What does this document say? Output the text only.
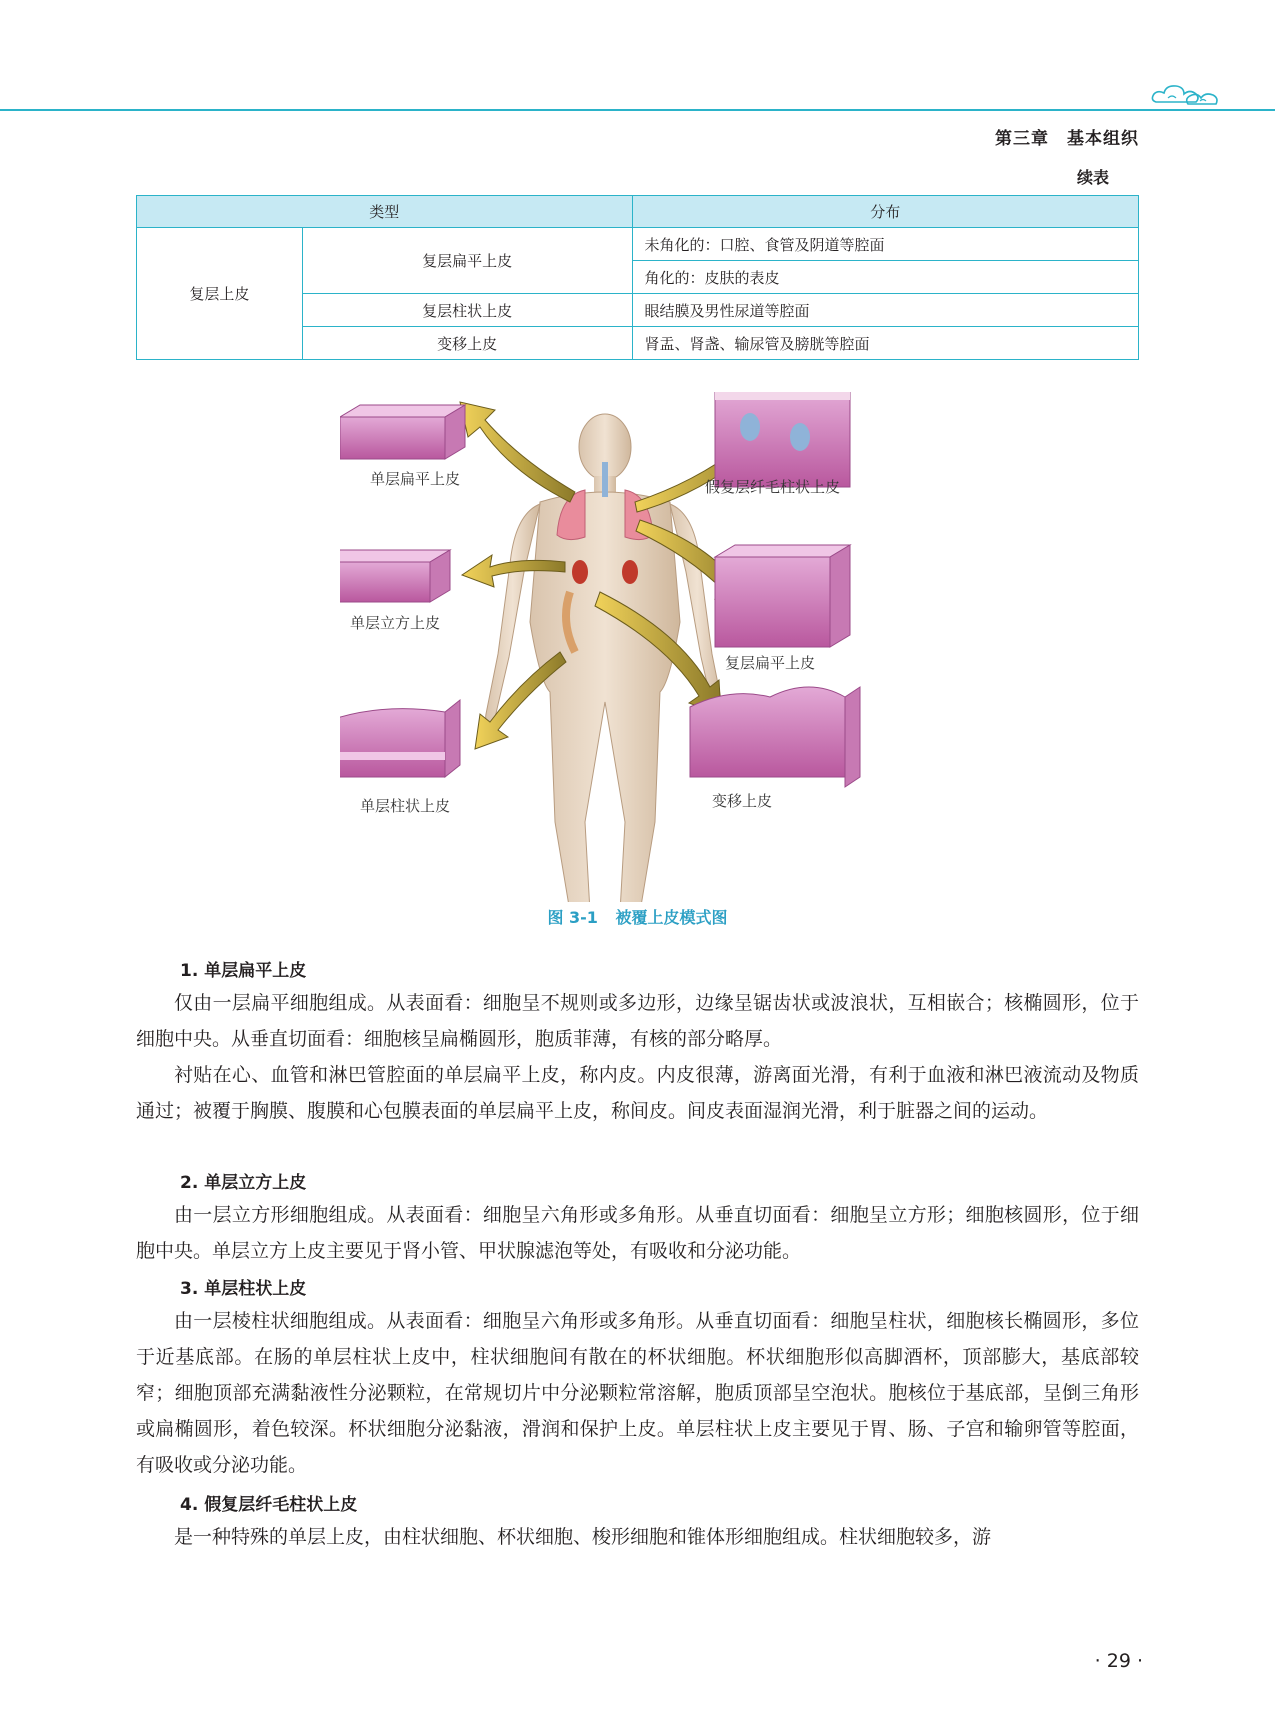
第三章　基本组织
续表
类型		分布
复层上皮	复层扁平上皮	未角化的：口腔、食管及阴道等腔面
		角化的：皮肤的表皮
	复层柱状上皮	眼结膜及男性尿道等腔面
	变移上皮	肾盂、肾盏、输尿管及膀胱等腔面
单层扁平上皮	假复层纤毛柱状上皮
单层立方上皮
复层扁平上皮
单层柱状上皮	变移上皮
图 3-1 被覆上皮模式图
1. 单层扁平上皮

仅由一层扁平细胞组成。从表面看：细胞呈不规则或多边形，边缘呈锯齿状或波浪状，互相嵌合；核椭圆形，位于细胞中央。从垂直切面看：细胞核呈扁椭圆形，胞质菲薄，有核的部分略厚。

衬贴在心、血管和淋巴管腔面的单层扁平上皮，称内皮。内皮很薄，游离面光滑，有利于血液和淋巴液流动及物质通过；被覆于胸膜、腹膜和心包膜表面的单层扁平上皮，称间皮。间皮表面湿润光滑，利于脏器之间的运动。

2. 单层立方上皮

由一层立方形细胞组成。从表面看：细胞呈六角形或多角形。从垂直切面看：细胞呈立方形；细胞核圆形，位于细胞中央。单层立方上皮主要见于肾小管、甲状腺滤泡等处，有吸收和分泌功能。

3. 单层柱状上皮

由一层棱柱状细胞组成。从表面看：细胞呈六角形或多角形。从垂直切面看：细胞呈柱状，细胞核长椭圆形，多位于近基底部。在肠的单层柱状上皮中，柱状细胞间有散在的杯状细胞。杯状细胞形似高脚酒杯，顶部膨大，基底部较窄；细胞顶部充满黏液性分泌颗粒，在常规切片中分泌颗粒常溶解，胞质顶部呈空泡状。胞核位于基底部，呈倒三角形或扁椭圆形，着色较深。杯状细胞分泌黏液，滑润和保护上皮。单层柱状上皮主要见于胃、肠、子宫和输卵管等腔面，有吸收或分泌功能。

4. 假复层纤毛柱状上皮

是一种特殊的单层上皮，由柱状细胞、杯状细胞、梭形细胞和锥体形细胞组成。柱状细胞较多，游

· 29 ·
